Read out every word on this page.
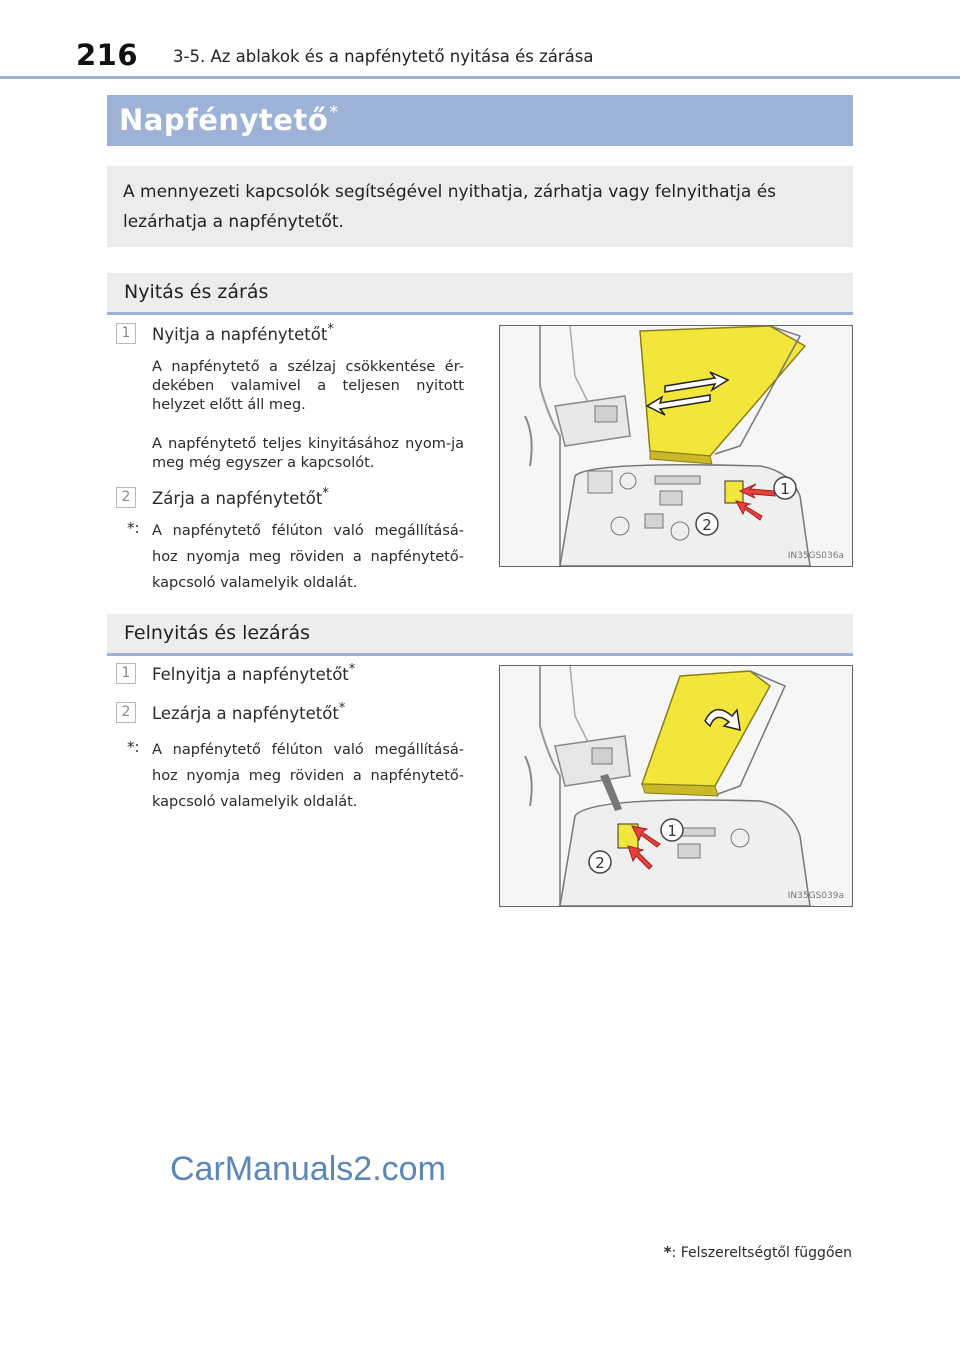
216 3-5. Az ablakok és a napfénytető nyitása és zárása
Napfénytető*
A mennyezeti kapcsolók segítségével nyithatja, zárhatja vagy felnyithatja és lezárhatja a napfénytetőt.
Nyitás és zárás
1	Nyitja a napfénytetőt*
A napfénytető a szélzaj csökkentése ér-dekében valamivel a teljesen nyitott helyzet előtt áll meg.
A napfénytető teljes kinyitásához nyom-ja meg még egyszer a kapcsolót.
2	Zárja a napfénytetőt*
*: A napfénytető félúton való megállításá-hoz nyomja meg röviden a napfénytető-kapcsoló valamelyik oldalát.
1
2
IN35GS036a
Felnyitás és lezárás
1	Felnyitja a napfénytetőt*
2	Lezárja a napfénytetőt*
*: A napfénytető félúton való megállításá-hoz nyomja meg röviden a napfénytető-kapcsoló valamelyik oldalát.
1
2
IN35GS039a
CarManuals2.com
*: Felszereltségtől függően
